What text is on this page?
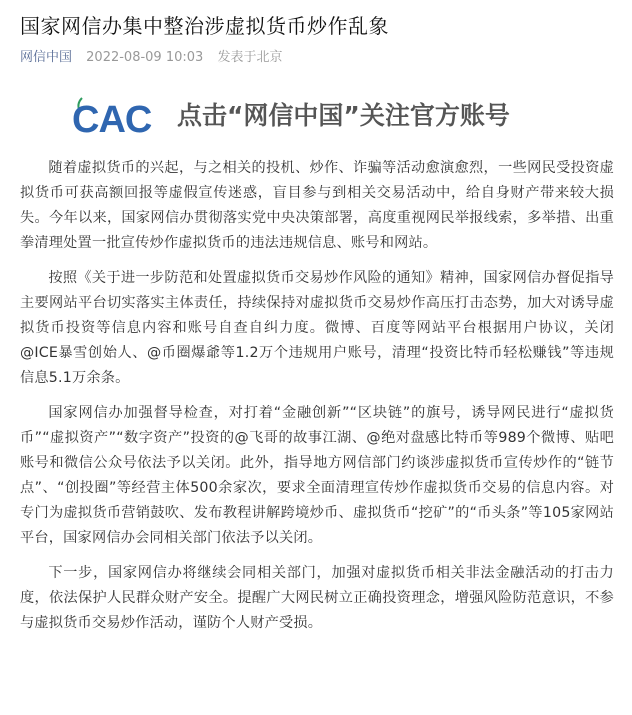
国家网信办集中整治涉虚拟货币炒作乱象
网信中国 2022-08-09 10:03 发表于北京
CAC 点击“网信中国”关注官方账号

随着虚拟货币的兴起，与之相关的投机、炒作、诈骗等活动愈演愈烈，一些网民受投资虚拟货币可获高额回报等虚假宣传迷惑，盲目参与到相关交易活动中，给自身财产带来较大损失。今年以来，国家网信办贯彻落实党中央决策部署，高度重视网民举报线索，多举措、出重拳清理处置一批宣传炒作虚拟货币的违法违规信息、账号和网站。

按照《关于进一步防范和处置虚拟货币交易炒作风险的通知》精神，国家网信办督促指导主要网站平台切实落实主体责任，持续保持对虚拟货币交易炒作高压打击态势，加大对诱导虚拟货币投资等信息内容和账号自查自纠力度。微博、百度等网站平台根据用户协议，关闭@ICE暴雪创始人、@币圈爆爺等1.2万个违规用户账号，清理“投资比特币轻松赚钱”等违规信息5.1万余条。

国家网信办加强督导检查，对打着“金融创新”“区块链”的旗号，诱导网民进行“虚拟货币”“虚拟资产”“数字资产”投资的@飞哥的故事江湖、@绝对盘感比特币等989个微博、贴吧账号和微信公众号依法予以关闭。此外，指导地方网信部门约谈涉虚拟货币宣传炒作的“链节点”、“创投圈”等经营主体500余家次，要求全面清理宣传炒作虚拟货币交易的信息内容。对专门为虚拟货币营销鼓吹、发布教程讲解跨境炒币、虚拟货币“挖矿”的“币头条”等105家网站平台，国家网信办会同相关部门依法予以关闭。

下一步，国家网信办将继续会同相关部门，加强对虚拟货币相关非法金融活动的打击力度，依法保护人民群众财产安全。提醒广大网民树立正确投资理念，增强风险防范意识，不参与虚拟货币交易炒作活动，谨防个人财产受损。
